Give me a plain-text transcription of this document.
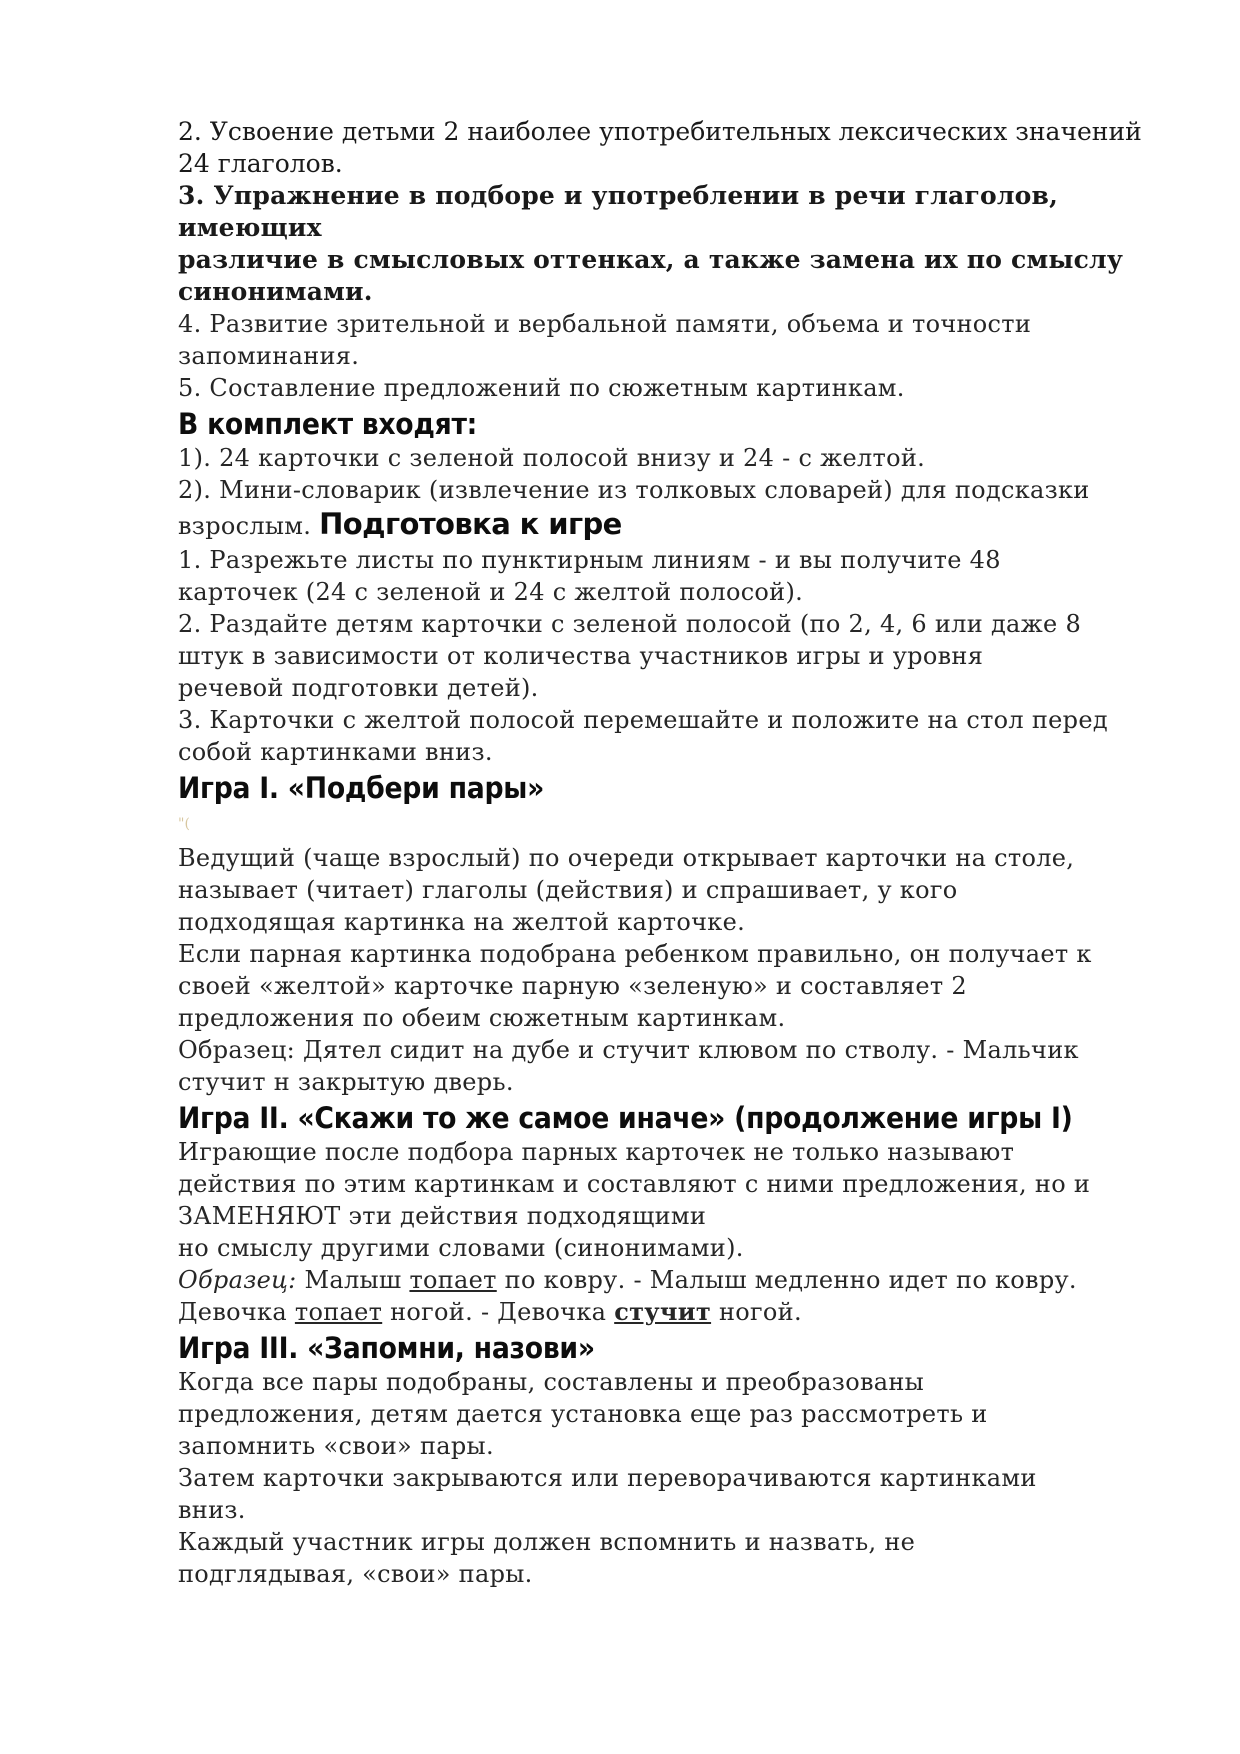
2. Усвоение детьми 2 наиболее употребительных лексических значений

24 глаголов.

3. Упражнение в подборе и употреблении в речи глаголов, имеющих

различие в смысловых оттенках, а также замена их по смыслу

синонимами.

4. Развитие зрительной и вербальной памяти, объема и точности

запоминания.

5. Составление предложений по сюжетным картинкам.

В комплект входят:

1). 24 карточки с зеленой полосой внизу и 24 - с желтой.

2). Мини-словарик (извлечение из толковых словарей) для подсказки

взрослым. Подготовка к игре

1. Разрежьте листы по пунктирным линиям - и вы получите 48

карточек (24 с зеленой и 24 с желтой полосой).

2. Раздайте детям карточки с зеленой полосой (по 2, 4, 6 или даже 8

штук в зависимости от количества участников игры и уровня

речевой подготовки детей).

3. Карточки с желтой полосой перемешайте и положите на стол перед

собой картинками вниз.

Игра I. «Подбери пары»

"(

Ведущий (чаще взрослый) по очереди открывает карточки на столе,

называет (читает) глаголы (действия) и спрашивает, у кого

подходящая картинка на желтой карточке.

Если парная картинка подобрана ребенком правильно, он получает к

своей «желтой» карточке парную «зеленую» и составляет 2

предложения по обеим сюжетным картинкам.

Образец: Дятел сидит на дубе и стучит клювом по стволу. - Мальчик

стучит н закрытую дверь.

Игра II. «Скажи то же самое иначе» (продолжение игры I)

Играющие после подбора парных карточек не только называют

действия по этим картинкам и составляют с ними предложения, но и

ЗАМЕНЯЮТ эти действия подходящими

но смыслу другими словами (синонимами).

Образец: Малыш топает по ковру. - Малыш медленно идет по ковру.

Девочка топает ногой. - Девочка стучит ногой.

Игра III. «Запомни, назови»

Когда все пары подобраны, составлены и преобразованы

предложения, детям дается установка еще раз рассмотреть и

запомнить «свои» пары.

Затем карточки закрываются или переворачиваются картинками

вниз.

Каждый участник игры должен вспомнить и назвать, не

подглядывая, «свои» пары.
